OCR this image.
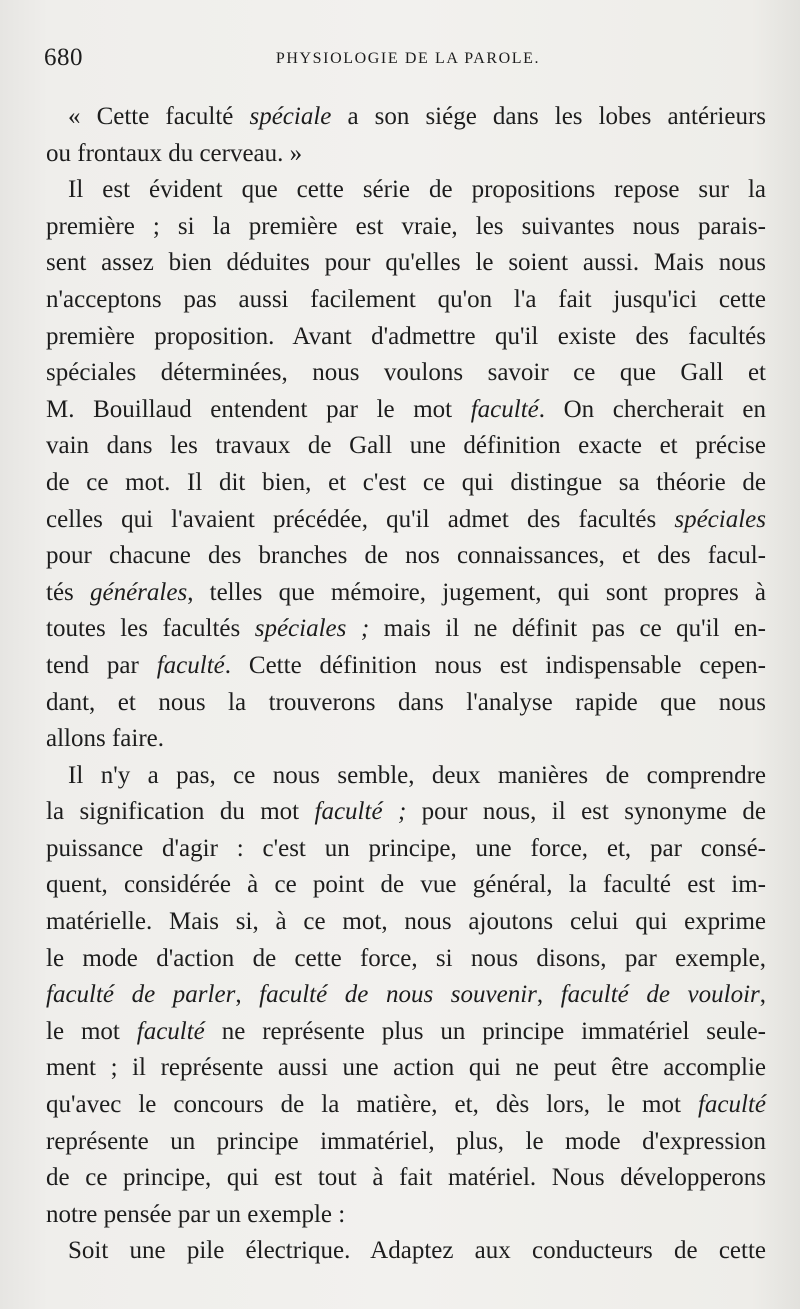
680	PHYSIOLOGIE DE LA PAROLE.
« Cette faculté spéciale a son siége dans les lobes antérieurs
ou frontaux du cerveau. »
Il est évident que cette série de propositions repose sur la
première ; si la première est vraie, les suivantes nous parais-
sent assez bien déduites pour qu'elles le soient aussi. Mais nous
n'acceptons pas aussi facilement qu'on l'a fait jusqu'ici cette
première proposition. Avant d'admettre qu'il existe des facultés
spéciales déterminées, nous voulons savoir ce que Gall et
M. Bouillaud entendent par le mot faculté. On chercherait en
vain dans les travaux de Gall une définition exacte et précise
de ce mot. Il dit bien, et c'est ce qui distingue sa théorie de
celles qui l'avaient précédée, qu'il admet des facultés spéciales
pour chacune des branches de nos connaissances, et des facul-
tés générales, telles que mémoire, jugement, qui sont propres à
toutes les facultés spéciales ; mais il ne définit pas ce qu'il en-
tend par faculté. Cette définition nous est indispensable cepen-
dant, et nous la trouverons dans l'analyse rapide que nous
allons faire.
Il n'y a pas, ce nous semble, deux manières de comprendre
la signification du mot faculté ; pour nous, il est synonyme de
puissance d'agir : c'est un principe, une force, et, par consé-
quent, considérée à ce point de vue général, la faculté est im-
matérielle. Mais si, à ce mot, nous ajoutons celui qui exprime
le mode d'action de cette force, si nous disons, par exemple,
faculté de parler, faculté de nous souvenir, faculté de vouloir,
le mot faculté ne représente plus un principe immatériel seule-
ment ; il représente aussi une action qui ne peut être accomplie
qu'avec le concours de la matière, et, dès lors, le mot faculté
représente un principe immatériel, plus, le mode d'expression
de ce principe, qui est tout à fait matériel. Nous développerons
notre pensée par un exemple :
Soit une pile électrique. Adaptez aux conducteurs de cette
